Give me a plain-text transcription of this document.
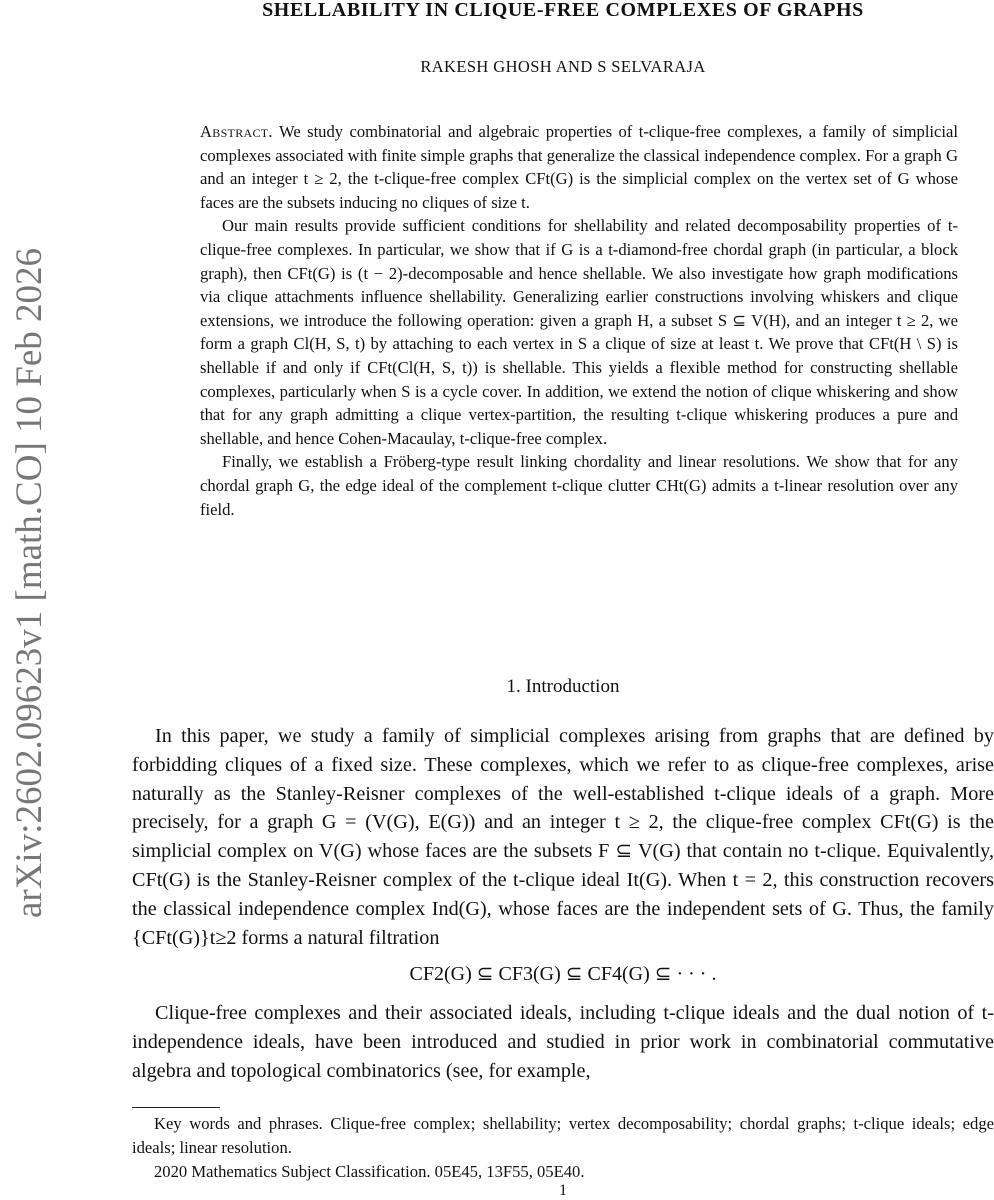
arXiv:2602.09623v1 [math.CO] 10 Feb 2026
SHELLABILITY IN CLIQUE-FREE COMPLEXES OF GRAPHS
RAKESH GHOSH AND S SELVARAJA

Abstract. We study combinatorial and algebraic properties of t-clique-free complexes, a family of simplicial complexes associated with finite simple graphs that generalize the classical independence complex. For a graph G and an integer t ≥ 2, the t-clique-free complex CFt(G) is the simplicial complex on the vertex set of G whose faces are the subsets inducing no cliques of size t.

Our main results provide sufficient conditions for shellability and related decomposability properties of t-clique-free complexes. In particular, we show that if G is a t-diamond-free chordal graph (in particular, a block graph), then CFt(G) is (t − 2)-decomposable and hence shellable. We also investigate how graph modifications via clique attachments influence shellability. Generalizing earlier constructions involving whiskers and clique extensions, we introduce the following operation: given a graph H, a subset S ⊆ V(H), and an integer t ≥ 2, we form a graph Cl(H, S, t) by attaching to each vertex in S a clique of size at least t. We prove that CFt(H \ S) is shellable if and only if CFt(Cl(H, S, t)) is shellable. This yields a flexible method for constructing shellable complexes, particularly when S is a cycle cover. In addition, we extend the notion of clique whiskering and show that for any graph admitting a clique vertex-partition, the resulting t-clique whiskering produces a pure and shellable, and hence Cohen-Macaulay, t-clique-free complex.

Finally, we establish a Fröberg-type result linking chordality and linear resolutions. We show that for any chordal graph G, the edge ideal of the complement t-clique clutter CHt(G) admits a t-linear resolution over any field.

1. Introduction

In this paper, we study a family of simplicial complexes arising from graphs that are defined by forbidding cliques of a fixed size. These complexes, which we refer to as clique-free complexes, arise naturally as the Stanley-Reisner complexes of the well-established t-clique ideals of a graph. More precisely, for a graph G = (V(G), E(G)) and an integer t ≥ 2, the clique-free complex CFt(G) is the simplicial complex on V(G) whose faces are the subsets F ⊆ V(G) that contain no t-clique. Equivalently, CFt(G) is the Stanley-Reisner complex of the t-clique ideal It(G). When t = 2, this construction recovers the classical independence complex Ind(G), whose faces are the independent sets of G. Thus, the family {CFt(G)}t≥2 forms a natural filtration

CF2(G) ⊆ CF3(G) ⊆ CF4(G) ⊆ · · · .

Clique-free complexes and their associated ideals, including t-clique ideals and the dual notion of t-independence ideals, have been introduced and studied in prior work in combinatorial commutative algebra and topological combinatorics (see, for example,

Key words and phrases. Clique-free complex; shellability; vertex decomposability; chordal graphs; t-clique ideals; edge ideals; linear resolution.

2020 Mathematics Subject Classification. 05E45, 13F55, 05E40.

1
